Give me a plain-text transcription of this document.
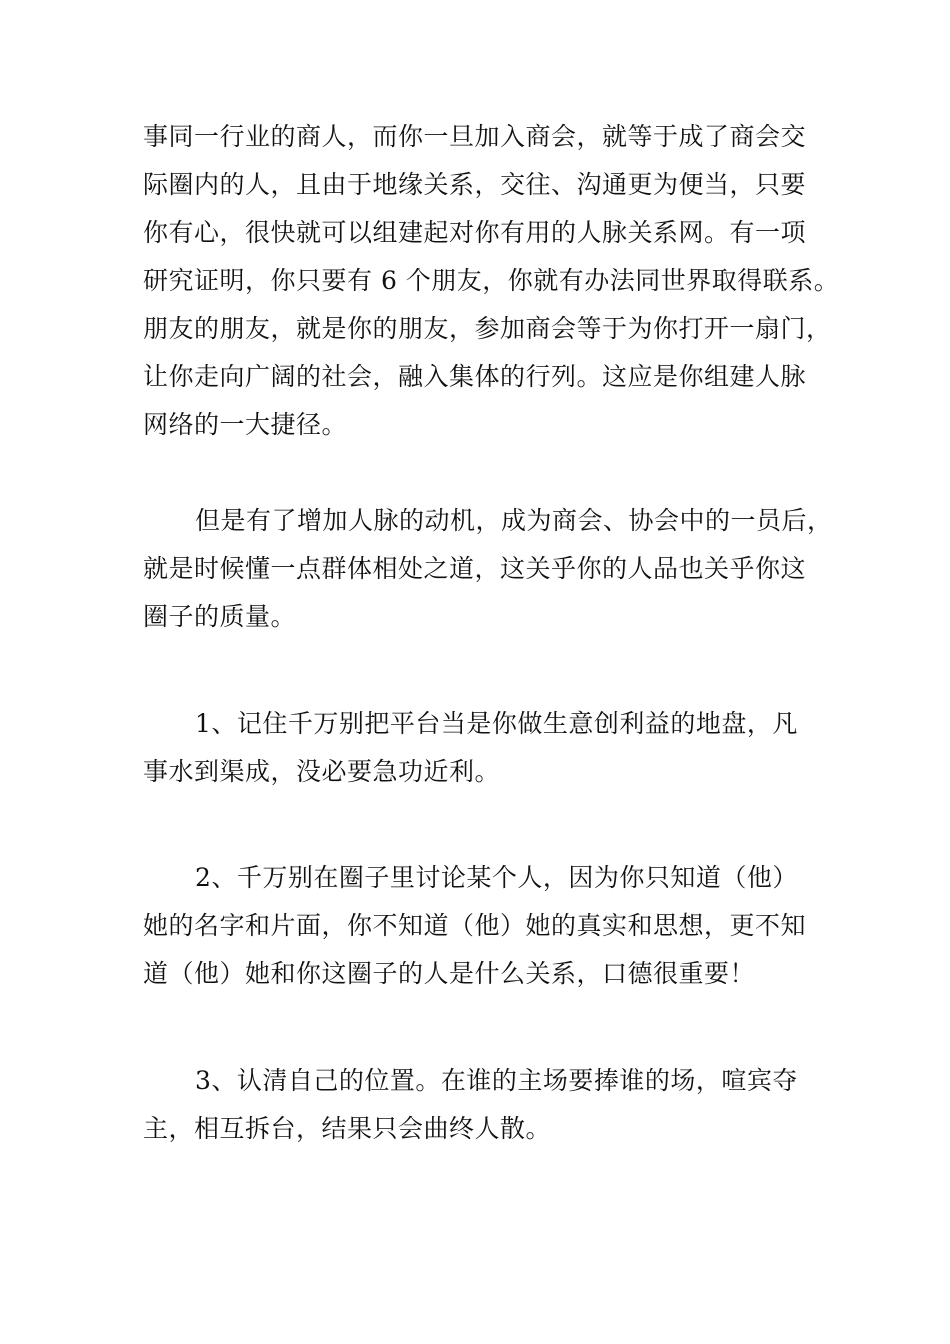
事同一行业的商人，而你一旦加入商会，就等于成了商会交
际圈内的人，且由于地缘关系，交往、沟通更为便当，只要
你有心，很快就可以组建起对你有用的人脉关系网。有一项
研究证明，你只要有 6 个朋友，你就有办法同世界取得联系。
朋友的朋友，就是你的朋友，参加商会等于为你打开一扇门，
让你走向广阔的社会，融入集体的行列。这应是你组建人脉
网络的一大捷径。
但是有了增加人脉的动机，成为商会、协会中的一员后，
就是时候懂一点群体相处之道，这关乎你的人品也关乎你这
圈子的质量。
1、记住千万别把平台当是你做生意创利益的地盘，凡
事水到渠成，没必要急功近利。
2、千万别在圈子里讨论某个人，因为你只知道（他）
她的名字和片面，你不知道（他）她的真实和思想，更不知
道（他）她和你这圈子的人是什么关系，口德很重要！
3、认清自己的位置。在谁的主场要捧谁的场，喧宾夺
主，相互拆台，结果只会曲终人散。
